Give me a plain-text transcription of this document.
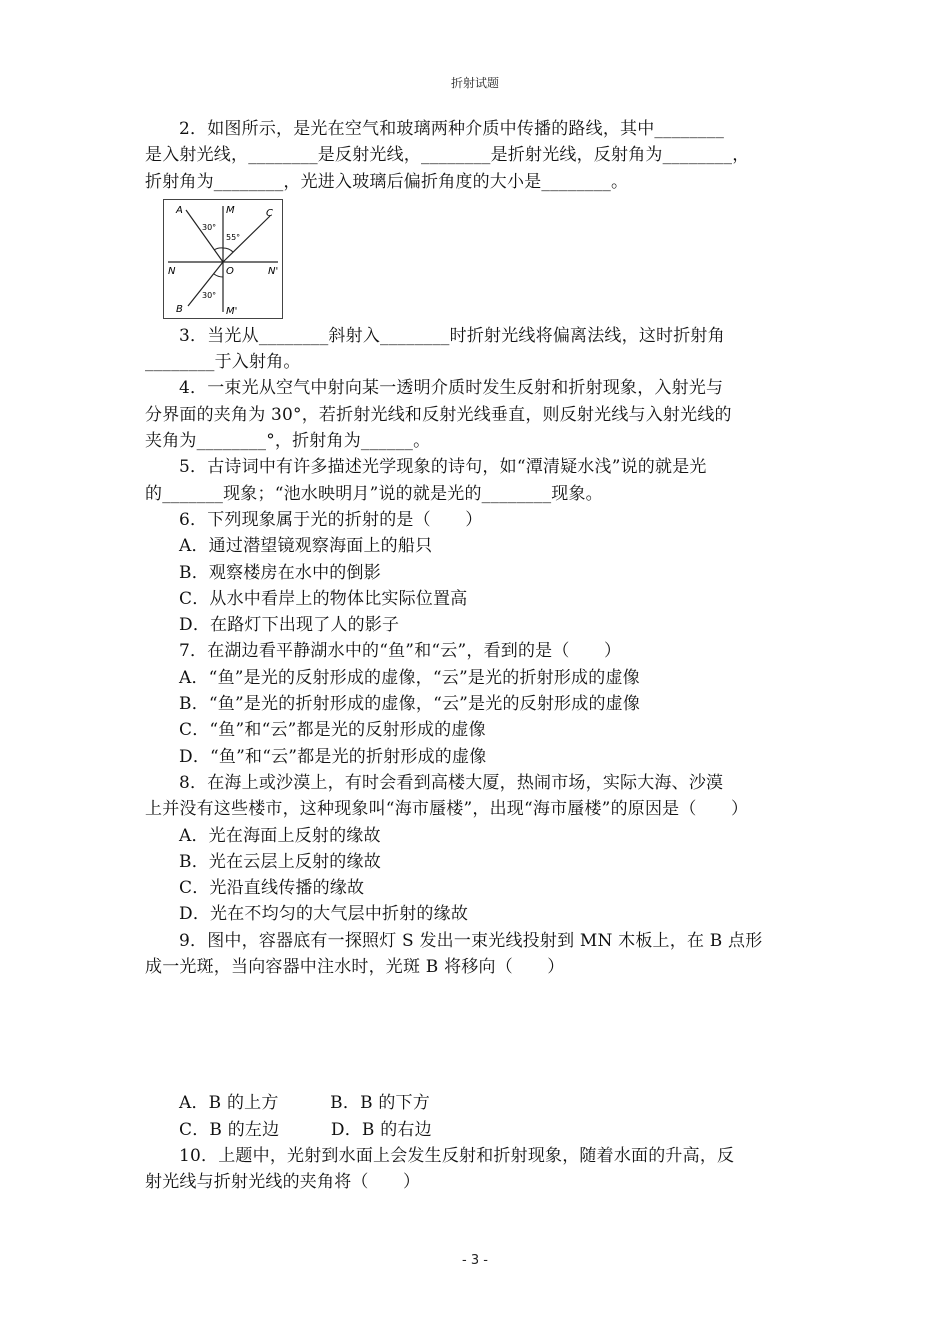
折射试题
2．如图所示，是光在空气和玻璃两种介质中传播的路线，其中________
是入射光线，________是反射光线，________是折射光线，反射角为________，
折射角为________，光进入玻璃后偏折角度的大小是________。
A	M	C
N	O	N'
B	M'
30°
55°
30°
3．当光从________斜射入________时折射光线将偏离法线，这时折射角
________于入射角。
4．一束光从空气中射向某一透明介质时发生反射和折射现象，入射光与
分界面的夹角为 30°，若折射光线和反射光线垂直，则反射光线与入射光线的
夹角为________°，折射角为______。
5．古诗词中有许多描述光学现象的诗句，如“潭清疑水浅”说的就是光
的_______现象；“池水映明月”说的就是光的________现象。
6．下列现象属于光的折射的是（　　）
A．通过潜望镜观察海面上的船只
B．观察楼房在水中的倒影
C．从水中看岸上的物体比实际位置高
D．在路灯下出现了人的影子
7．在湖边看平静湖水中的“鱼”和“云”，看到的是（　　）
A．“鱼”是光的反射形成的虚像，“云”是光的折射形成的虚像
B．“鱼”是光的折射形成的虚像，“云”是光的反射形成的虚像
C．“鱼”和“云”都是光的反射形成的虚像
D．“鱼”和“云”都是光的折射形成的虚像
8．在海上或沙漠上，有时会看到高楼大厦，热闹市场，实际大海、沙漠
上并没有这些楼市，这种现象叫“海市蜃楼”，出现“海市蜃楼”的原因是（　　）
A．光在海面上反射的缘故
B．光在云层上反射的缘故
C．光沿直线传播的缘故
D．光在不均匀的大气层中折射的缘故
9．图中，容器底有一探照灯 S 发出一束光线投射到 MN 木板上，在 B 点形
成一光斑，当向容器中注水时，光斑 B 将移向（　　）
A．B 的上方　　　B．B 的下方
C．B 的左边　　　D．B 的右边
10．上题中，光射到水面上会发生反射和折射现象，随着水面的升高，反
射光线与折射光线的夹角将（　　）
- 3 -
